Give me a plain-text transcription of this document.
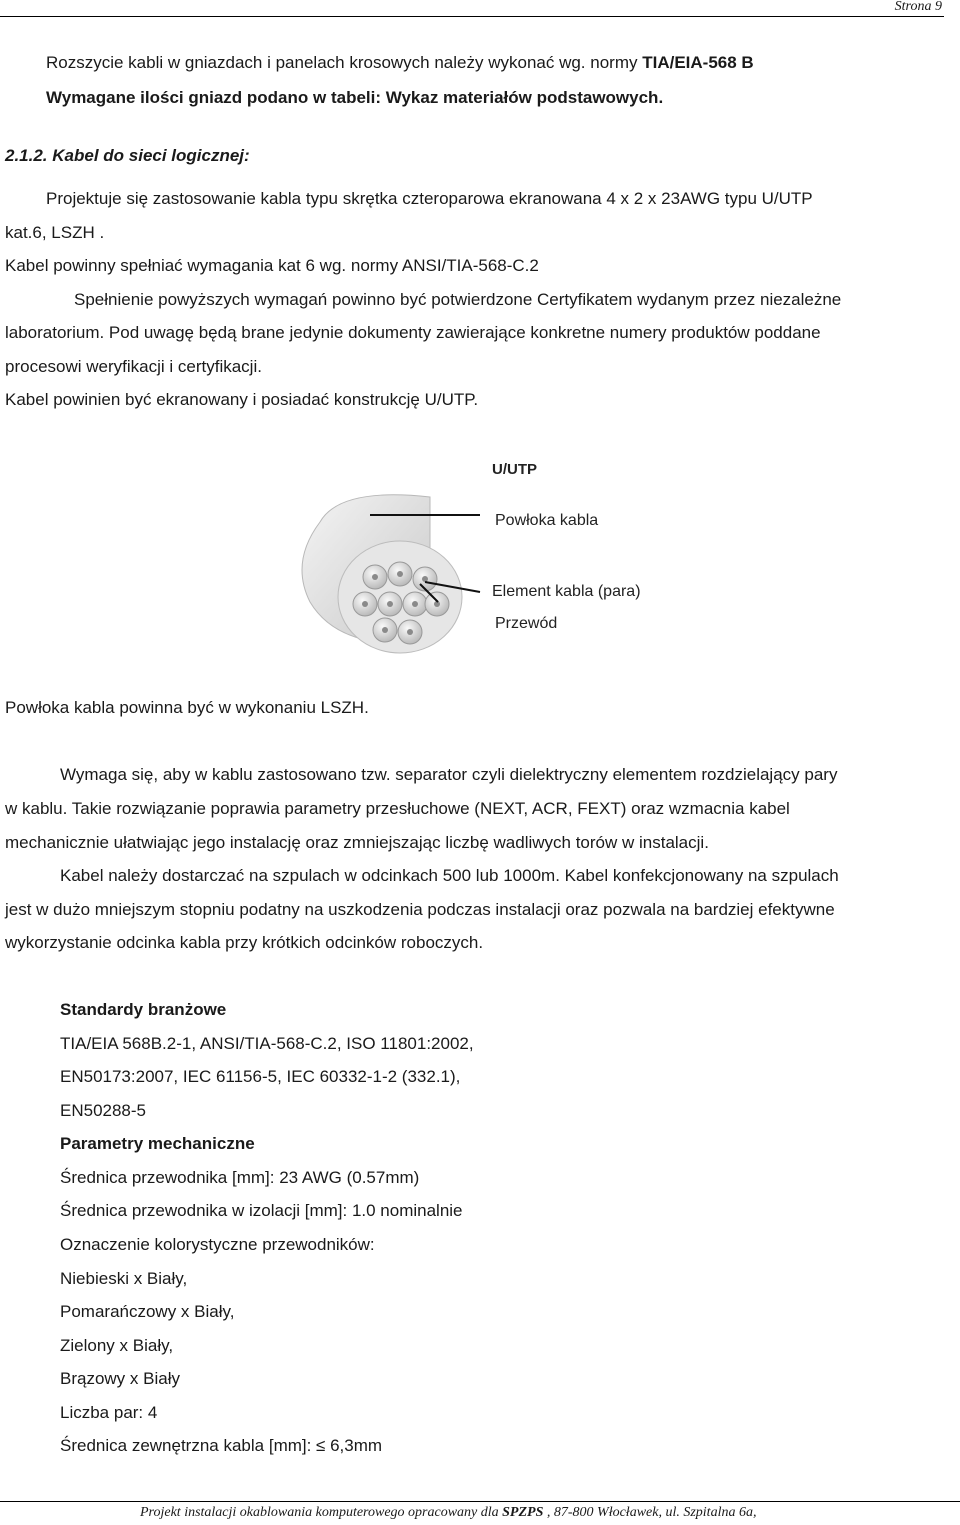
Strona 9
Rozszycie kabli w gniazdach i panelach krosowych należy wykonać wg. normy TIA/EIA-568 B
Wymagane ilości gniazd podano w tabeli: Wykaz materiałów podstawowych.
2.1.2. Kabel do sieci logicznej:
Projektuje się zastosowanie kabla typu skrętka czteroparowa ekranowana 4 x 2 x 23AWG typu U/UTP
kat.6, LSZH .
Kabel powinny spełniać wymagania kat 6 wg. normy ANSI/TIA-568-C.2
Spełnienie powyższych wymagań powinno być potwierdzone Certyfikatem wydanym przez niezależne
laboratorium. Pod uwagę będą brane jedynie dokumenty zawierające konkretne numery produktów poddane
procesowi weryfikacji i certyfikacji.
Kabel powinien być ekranowany i posiadać konstrukcję U/UTP.
U/UTP
Powłoka kabla
Element kabla (para)
Przewód
Powłoka kabla powinna być w wykonaniu LSZH.
Wymaga się, aby w kablu zastosowano tzw. separator czyli dielektryczny elementem rozdzielający pary
w kablu. Takie rozwiązanie poprawia parametry przesłuchowe (NEXT, ACR, FEXT) oraz wzmacnia kabel
mechanicznie ułatwiając jego instalację oraz zmniejszając liczbę wadliwych torów w instalacji.
Kabel należy dostarczać na szpulach w odcinkach 500 lub 1000m. Kabel konfekcjonowany na szpulach
jest w dużo mniejszym stopniu podatny na uszkodzenia podczas instalacji oraz pozwala na bardziej efektywne
wykorzystanie odcinka kabla przy krótkich odcinków roboczych.
Standardy branżowe
TIA/EIA 568B.2-1, ANSI/TIA-568-C.2, ISO 11801:2002,
EN50173:2007, IEC 61156-5, IEC 60332-1-2 (332.1),
EN50288-5
Parametry mechaniczne
Średnica przewodnika [mm]: 23 AWG (0.57mm)
Średnica przewodnika w izolacji [mm]: 1.0 nominalnie
Oznaczenie kolorystyczne przewodników:
Niebieski x Biały,
Pomarańczowy x Biały,
Zielony x Biały,
Brązowy x Biały
Liczba par: 4
Średnica zewnętrzna kabla [mm]: ≤ 6,3mm
Projekt instalacji okablowania komputerowego opracowany dla SPZPS , 87-800 Włocławek, ul. Szpitalna 6a,
